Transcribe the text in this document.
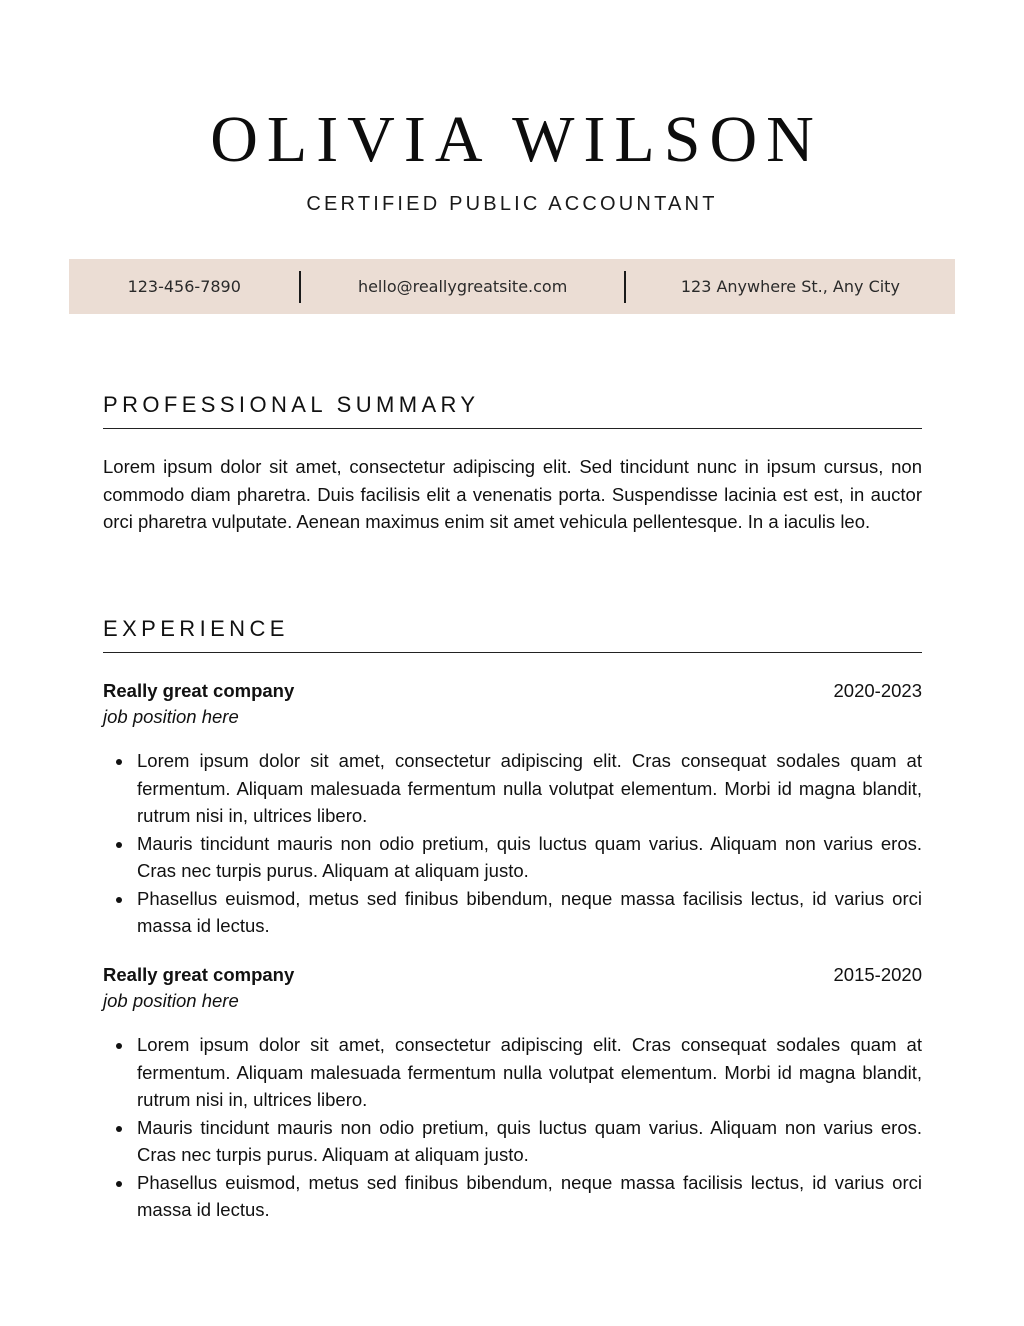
OLIVIA WILSON
CERTIFIED PUBLIC ACCOUNTANT
123-456-7890	hello@reallygreatsite.com	123 Anywhere St., Any City
PROFESSIONAL SUMMARY
Lorem ipsum dolor sit amet, consectetur adipiscing elit. Sed tincidunt nunc in ipsum cursus, non commodo diam pharetra. Duis facilisis elit a venenatis porta. Suspendisse lacinia est est, in auctor orci pharetra vulputate. Aenean maximus enim sit amet vehicula pellentesque. In a iaculis leo.
EXPERIENCE
Really great company	2020-2023
job position here
Lorem ipsum dolor sit amet, consectetur adipiscing elit. Cras consequat sodales quam at fermentum. Aliquam malesuada fermentum nulla volutpat elementum. Morbi id magna blandit, rutrum nisi in, ultrices libero.
Mauris tincidunt mauris non odio pretium, quis luctus quam varius. Aliquam non varius eros. Cras nec turpis purus. Aliquam at aliquam justo.
Phasellus euismod, metus sed finibus bibendum, neque massa facilisis lectus, id varius orci massa id lectus.
Really great company	2015-2020
job position here
Lorem ipsum dolor sit amet, consectetur adipiscing elit. Cras consequat sodales quam at fermentum. Aliquam malesuada fermentum nulla volutpat elementum. Morbi id magna blandit, rutrum nisi in, ultrices libero.
Mauris tincidunt mauris non odio pretium, quis luctus quam varius. Aliquam non varius eros. Cras nec turpis purus. Aliquam at aliquam justo.
Phasellus euismod, metus sed finibus bibendum, neque massa facilisis lectus, id varius orci massa id lectus.
